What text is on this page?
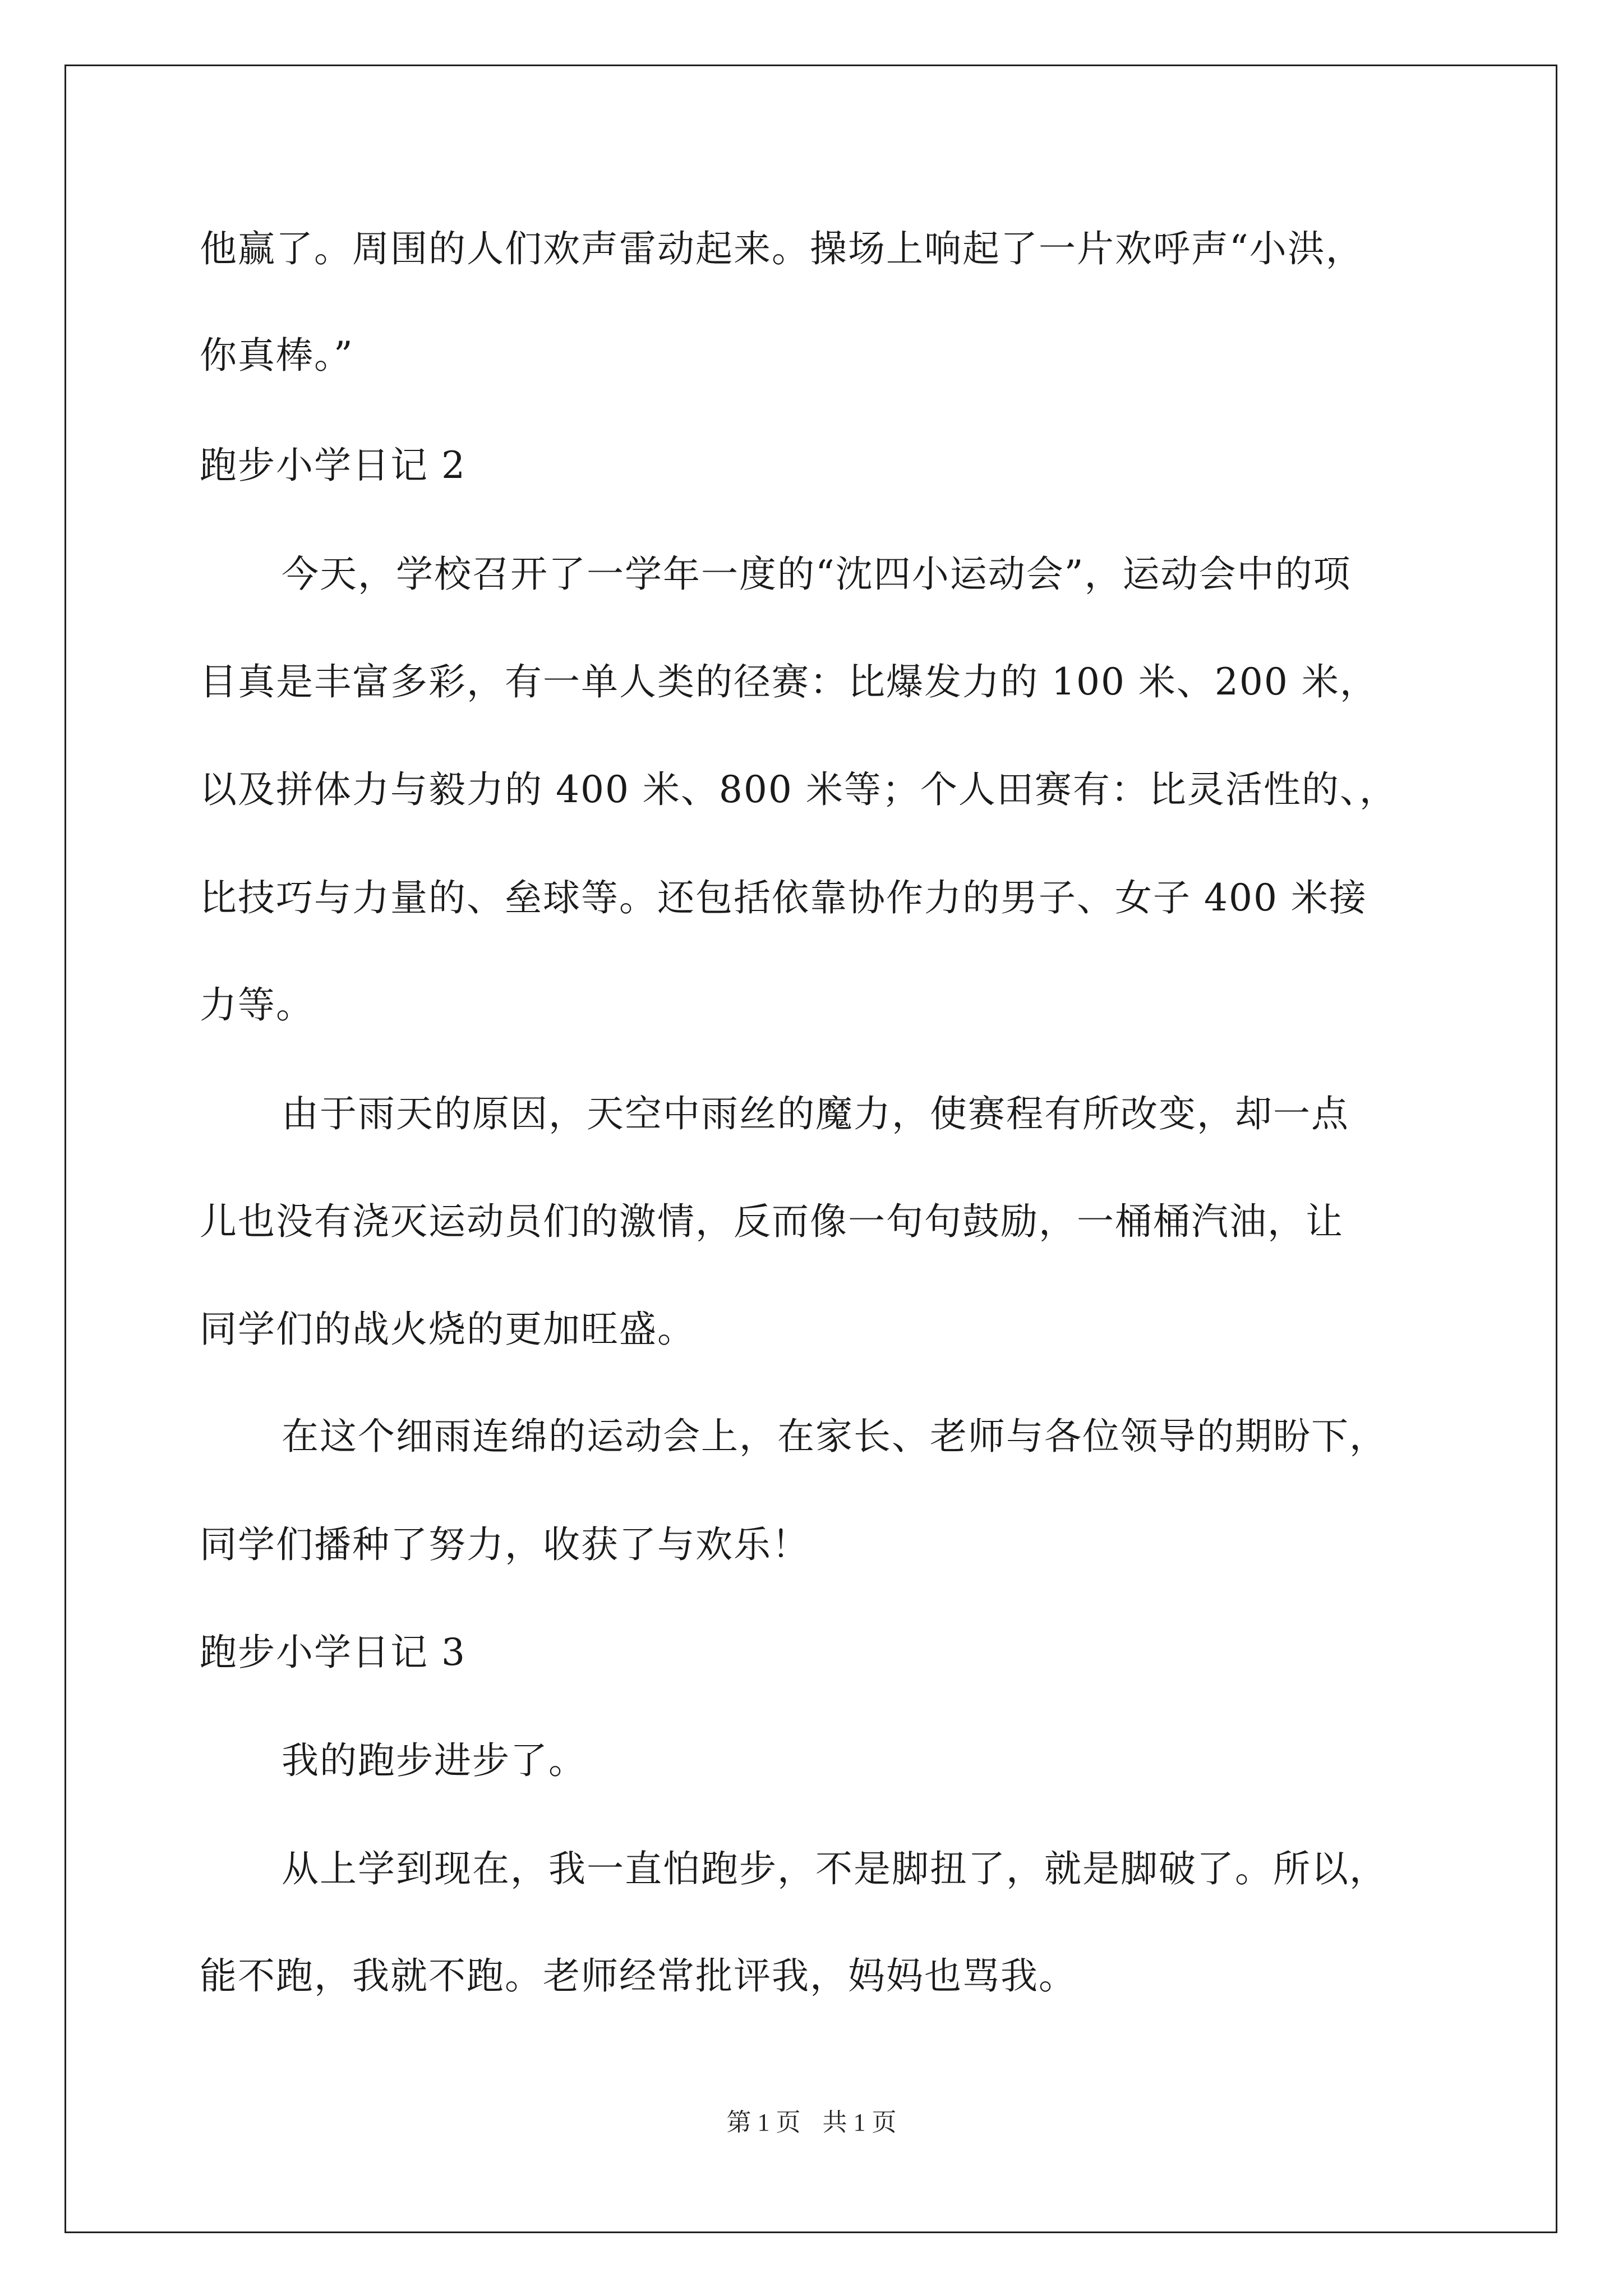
他赢了。周围的人们欢声雷动起来。操场上响起了一片欢呼声“小洪，
你真棒。”
跑步小学日记 2
今天，学校召开了一学年一度的“沈四小运动会”，运动会中的项
目真是丰富多彩，有一单人类的径赛：比爆发力的 100 米、200 米，
以及拼体力与毅力的 400 米、800 米等；个人田赛有：比灵活性的、，
比技巧与力量的、垒球等。还包括依靠协作力的男子、女子 400 米接
力等。
由于雨天的原因，天空中雨丝的魔力，使赛程有所改变，却一点
儿也没有浇灭运动员们的激情，反而像一句句鼓励，一桶桶汽油，让
同学们的战火烧的更加旺盛。
在这个细雨连绵的运动会上，在家长、老师与各位领导的期盼下，
同学们播种了努力，收获了与欢乐！
跑步小学日记 3
我的跑步进步了。
从上学到现在，我一直怕跑步，不是脚扭了，就是脚破了。所以，
能不跑，我就不跑。老师经常批评我，妈妈也骂我。
第 1 页 共 1 页
